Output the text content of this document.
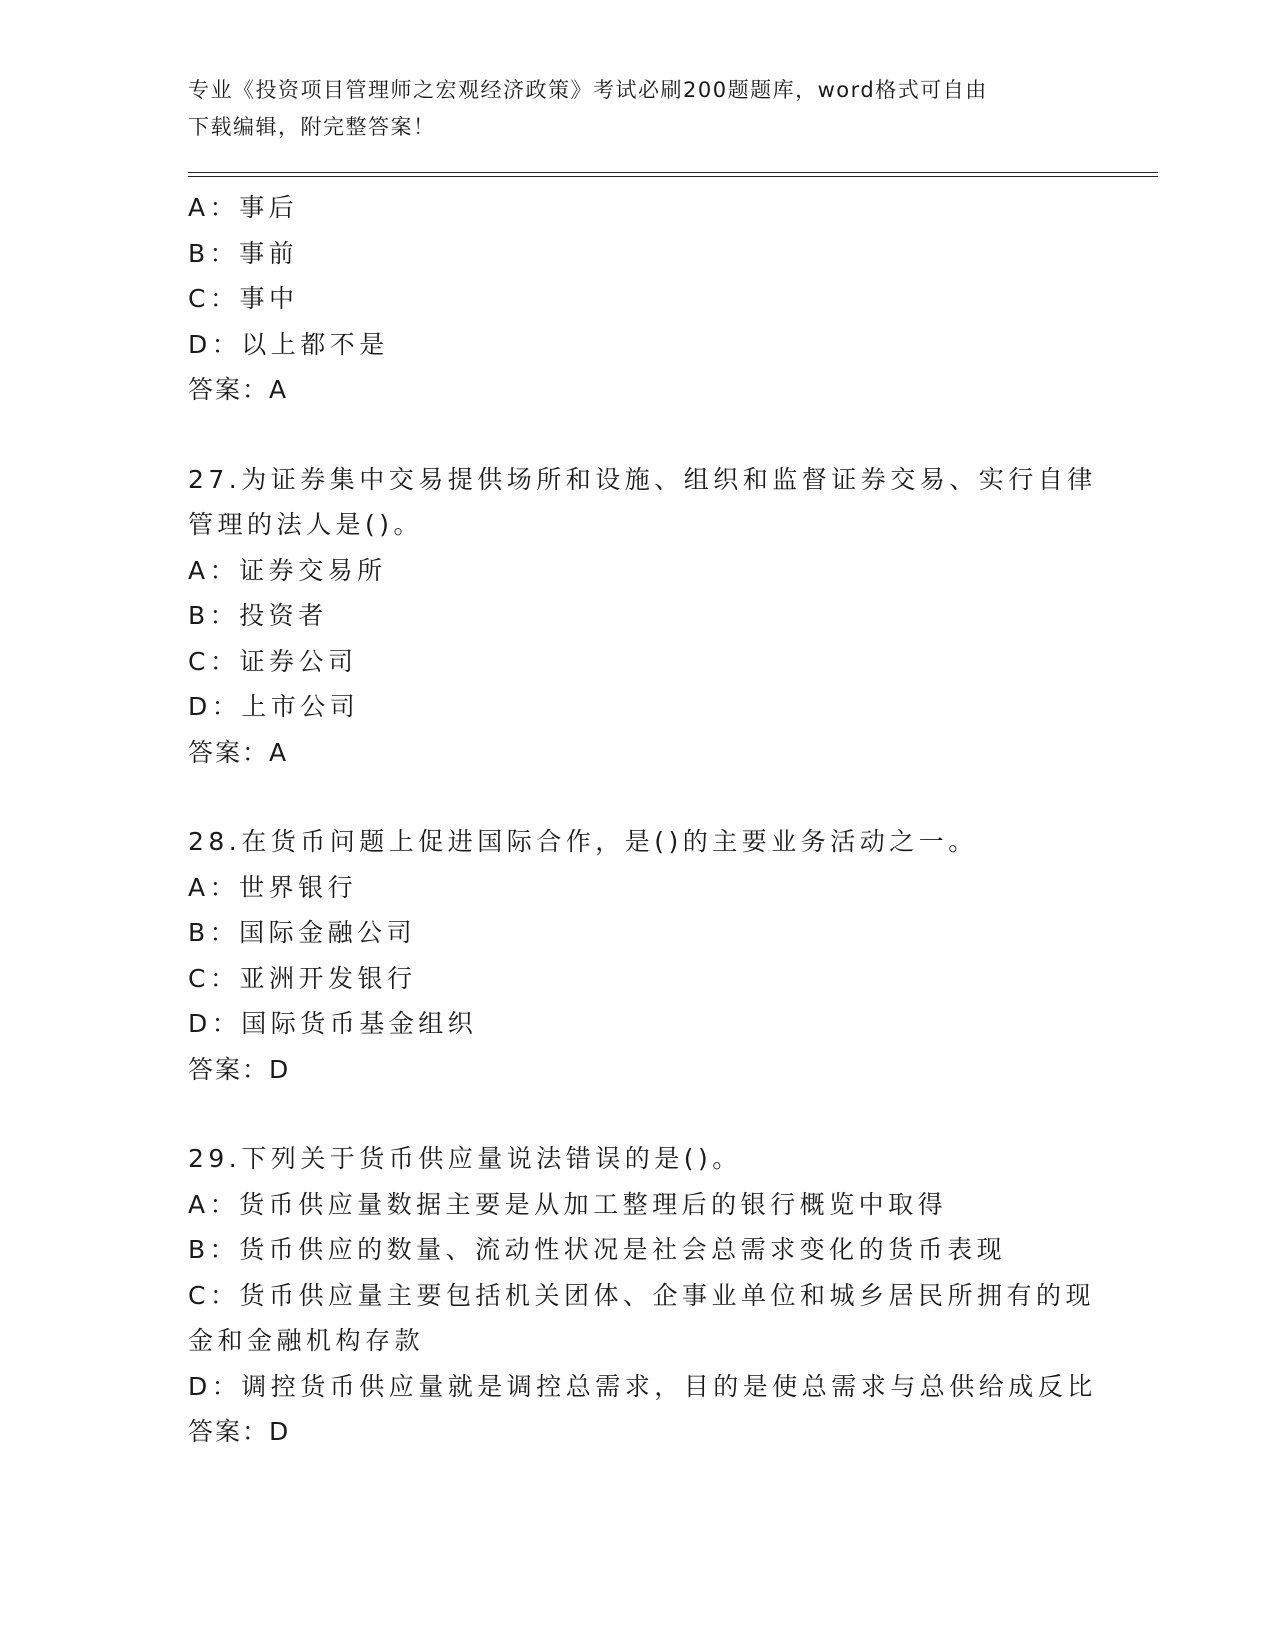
专业《投资项目管理师之宏观经济政策》考试必刷200题题库，word格式可自由
下载编辑，附完整答案！
A：事后
B：事前
C：事中
D：以上都不是
答案：A
27.为证券集中交易提供场所和设施、组织和监督证券交易、实行自律
管理的法人是()。
A：证券交易所
B：投资者
C：证券公司
D：上市公司
答案：A
28.在货币问题上促进国际合作，是()的主要业务活动之一。
A：世界银行
B：国际金融公司
C：亚洲开发银行
D：国际货币基金组织
答案：D
29.下列关于货币供应量说法错误的是()。
A：货币供应量数据主要是从加工整理后的银行概览中取得
B：货币供应的数量、流动性状况是社会总需求变化的货币表现
C：货币供应量主要包括机关团体、企事业单位和城乡居民所拥有的现
金和金融机构存款
D：调控货币供应量就是调控总需求，目的是使总需求与总供给成反比
答案：D
